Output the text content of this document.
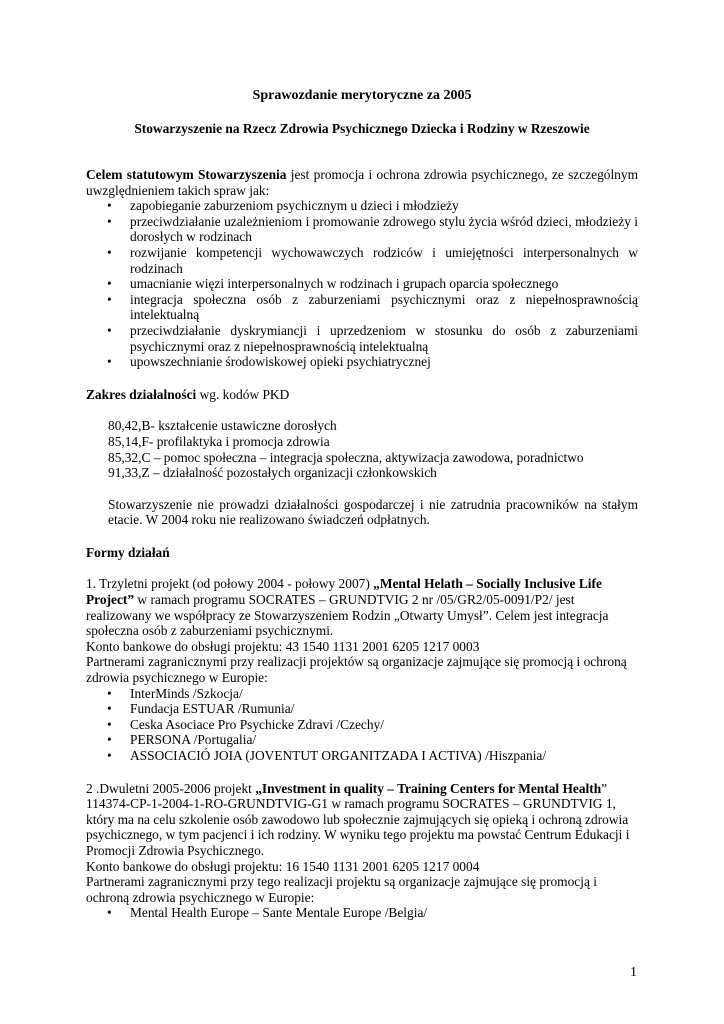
Sprawozdanie merytoryczne za 2005
Stowarzyszenie na Rzecz Zdrowia Psychicznego Dziecka i Rodziny w Rzeszowie

Celem statutowym Stowarzyszenia jest promocja i ochrona zdrowia psychicznego, ze szczególnym uwzględnieniem takich spraw jak:

• zapobieganie zaburzeniom psychicznym u dzieci i młodzieży
• przeciwdziałanie uzależnieniom i promowanie zdrowego stylu życia wśród dzieci, młodzieży i dorosłych w rodzinach
• rozwijanie kompetencji wychowawczych rodziców i umiejętności interpersonalnych w rodzinach
• umacnianie więzi interpersonalnych w rodzinach i grupach oparcia społecznego
• integracja społeczna osób z zaburzeniami psychicznymi oraz z niepełnosprawnością intelektualną
• przeciwdziałanie dyskrymiancji i uprzedzeniom w stosunku do osób z zaburzeniami psychicznymi oraz z niepełnosprawnością intelektualną
• upowszechnianie środowiskowej opieki psychiatrycznej

Zakres działalności wg. kodów PKD

80,42,B- kształcenie ustawiczne dorosłych

85,14,F- profilaktyka i promocja zdrowia

85,32,C – pomoc społeczna – integracja społeczna, aktywizacja zawodowa, poradnictwo

91,33,Z – działalność pozostałych organizacji członkowskich

Stowarzyszenie nie prowadzi działalności gospodarczej i nie zatrudnia pracowników na stałym etacie. W 2004 roku nie realizowano świadczeń odpłatnych.

Formy działań

1. Trzyletni projekt (od połowy 2004 - połowy 2007) „Mental Helath – Socially Inclusive Life Project” w ramach programu SOCRATES – GRUNDTVIG 2 nr /05/GR2/05-0091/P2/ jest realizowany we współpracy ze Stowarzyszeniem Rodzin „Otwarty Umysł”. Celem jest integracja społeczna osób z zaburzeniami psychicznymi.

Konto bankowe do obsługi projektu: 43 1540 1131 2001 6205 1217 0003

Partnerami zagranicznymi przy realizacji projektów są organizacje zajmujące się promocją i ochroną zdrowia psychicznego w Europie:

• InterMinds /Szkocja/
• Fundacja ESTUAR /Rumunia/
• Ceska Asociace Pro Psychicke Zdravi /Czechy/
• PERSONA /Portugalia/
• ASSOCIACIÓ JOIA (JOVENTUT ORGANITZADA I ACTIVA) /Hiszpania/

2 .Dwuletni 2005-2006 projekt „Investment in quality – Training Centers for Mental Health” 114374-CP-1-2004-1-RO-GRUNDTVIG-G1 w ramach programu SOCRATES – GRUNDTVIG 1, który ma na celu szkolenie osób zawodowo lub społecznie zajmujących się opieką i ochroną zdrowia psychicznego, w tym pacjenci i ich rodziny. W wyniku tego projektu ma powstać Centrum Edukacji i Promocji Zdrowia Psychicznego.

Konto bankowe do obsługi projektu: 16 1540 1131 2001 6205 1217 0004

Partnerami zagranicznymi przy tego realizacji projektu są organizacje zajmujące się promocją i ochroną zdrowia psychicznego w Europie:

• Mental Health Europe – Sante Mentale Europe /Belgia/
1
